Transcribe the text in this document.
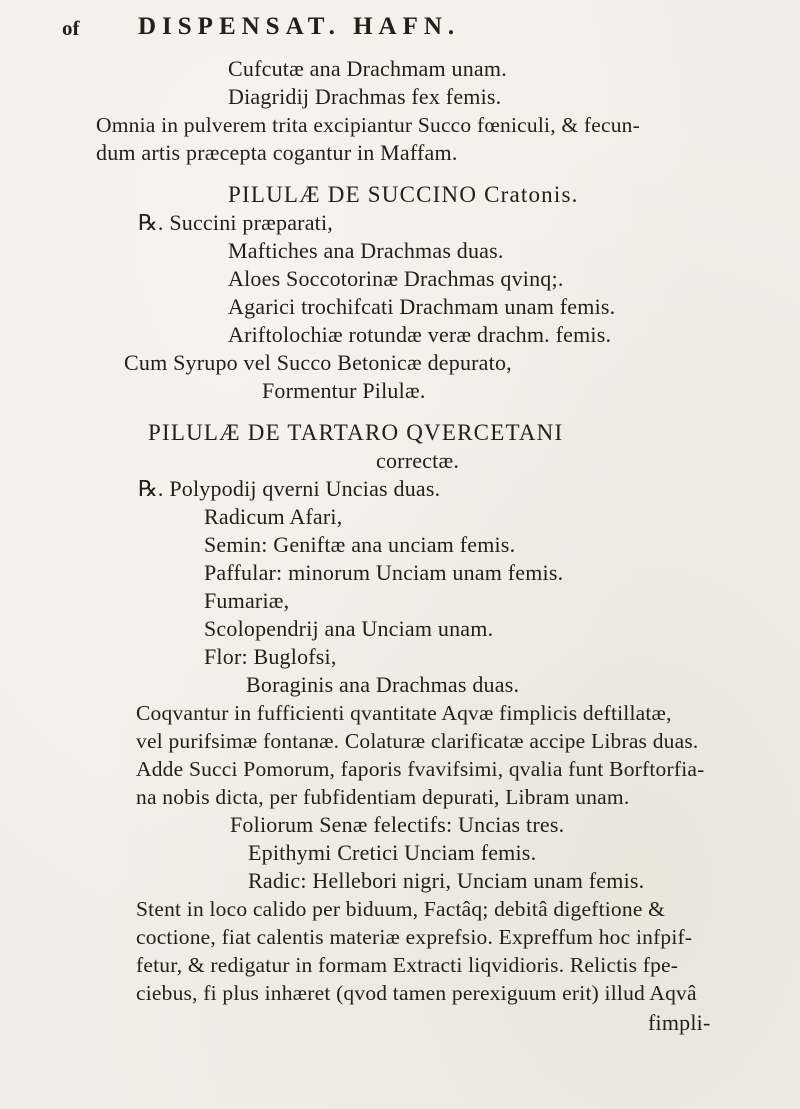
of DISPENSAT. HAFN.
Cufcutæ ana Drachmam unam.
Diagridij Drachmas fex femis.
Omnia in pulverem trita excipiantur Succo fœniculi, & fecun-
dum artis præcepta cogantur in Maffam.
PILULÆ DE SUCCINO Cratonis.
℞. Succini præparati,
Maftiches ana Drachmas duas.
Aloes Soccotorinæ Drachmas qvinq;.
Agarici trochifcati Drachmam unam femis.
Ariftolochiæ rotundæ veræ drachm. femis.
Cum Syrupo vel Succo Betonicæ depurato,
Formentur Pilulæ.
PILULÆ DE TARTARO QVERCETANI
correctæ.
℞. Polypodij qverni Uncias duas.
Radicum Afari,
Semin: Geniftæ ana unciam femis.
Paffular: minorum Unciam unam femis.
Fumariæ,
Scolopendrij ana Unciam unam.
Flor: Buglofsi,
Boraginis ana Drachmas duas.
Coqvantur in fufficienti qvantitate Aqvæ fimplicis deftillatæ,
vel purifsimæ fontanæ. Colaturæ clarificatæ accipe Libras duas.
Adde Succi Pomorum, faporis fvavifsimi, qvalia funt Borftorfia-
na nobis dicta, per fubfidentiam depurati, Libram unam.
Foliorum Senæ felectifs: Uncias tres.
Epithymi Cretici Unciam femis.
Radic: Hellebori nigri, Unciam unam femis.
Stent in loco calido per biduum, Factâq; debitâ digeftione &
coctione, fiat calentis materiæ exprefsio. Expreffum hoc infpif-
fetur, & redigatur in formam Extracti liqvidioris. Relictis fpe-
ciebus, fi plus inhæret (qvod tamen perexiguum erit) illud Aqvâ
fimpli-
